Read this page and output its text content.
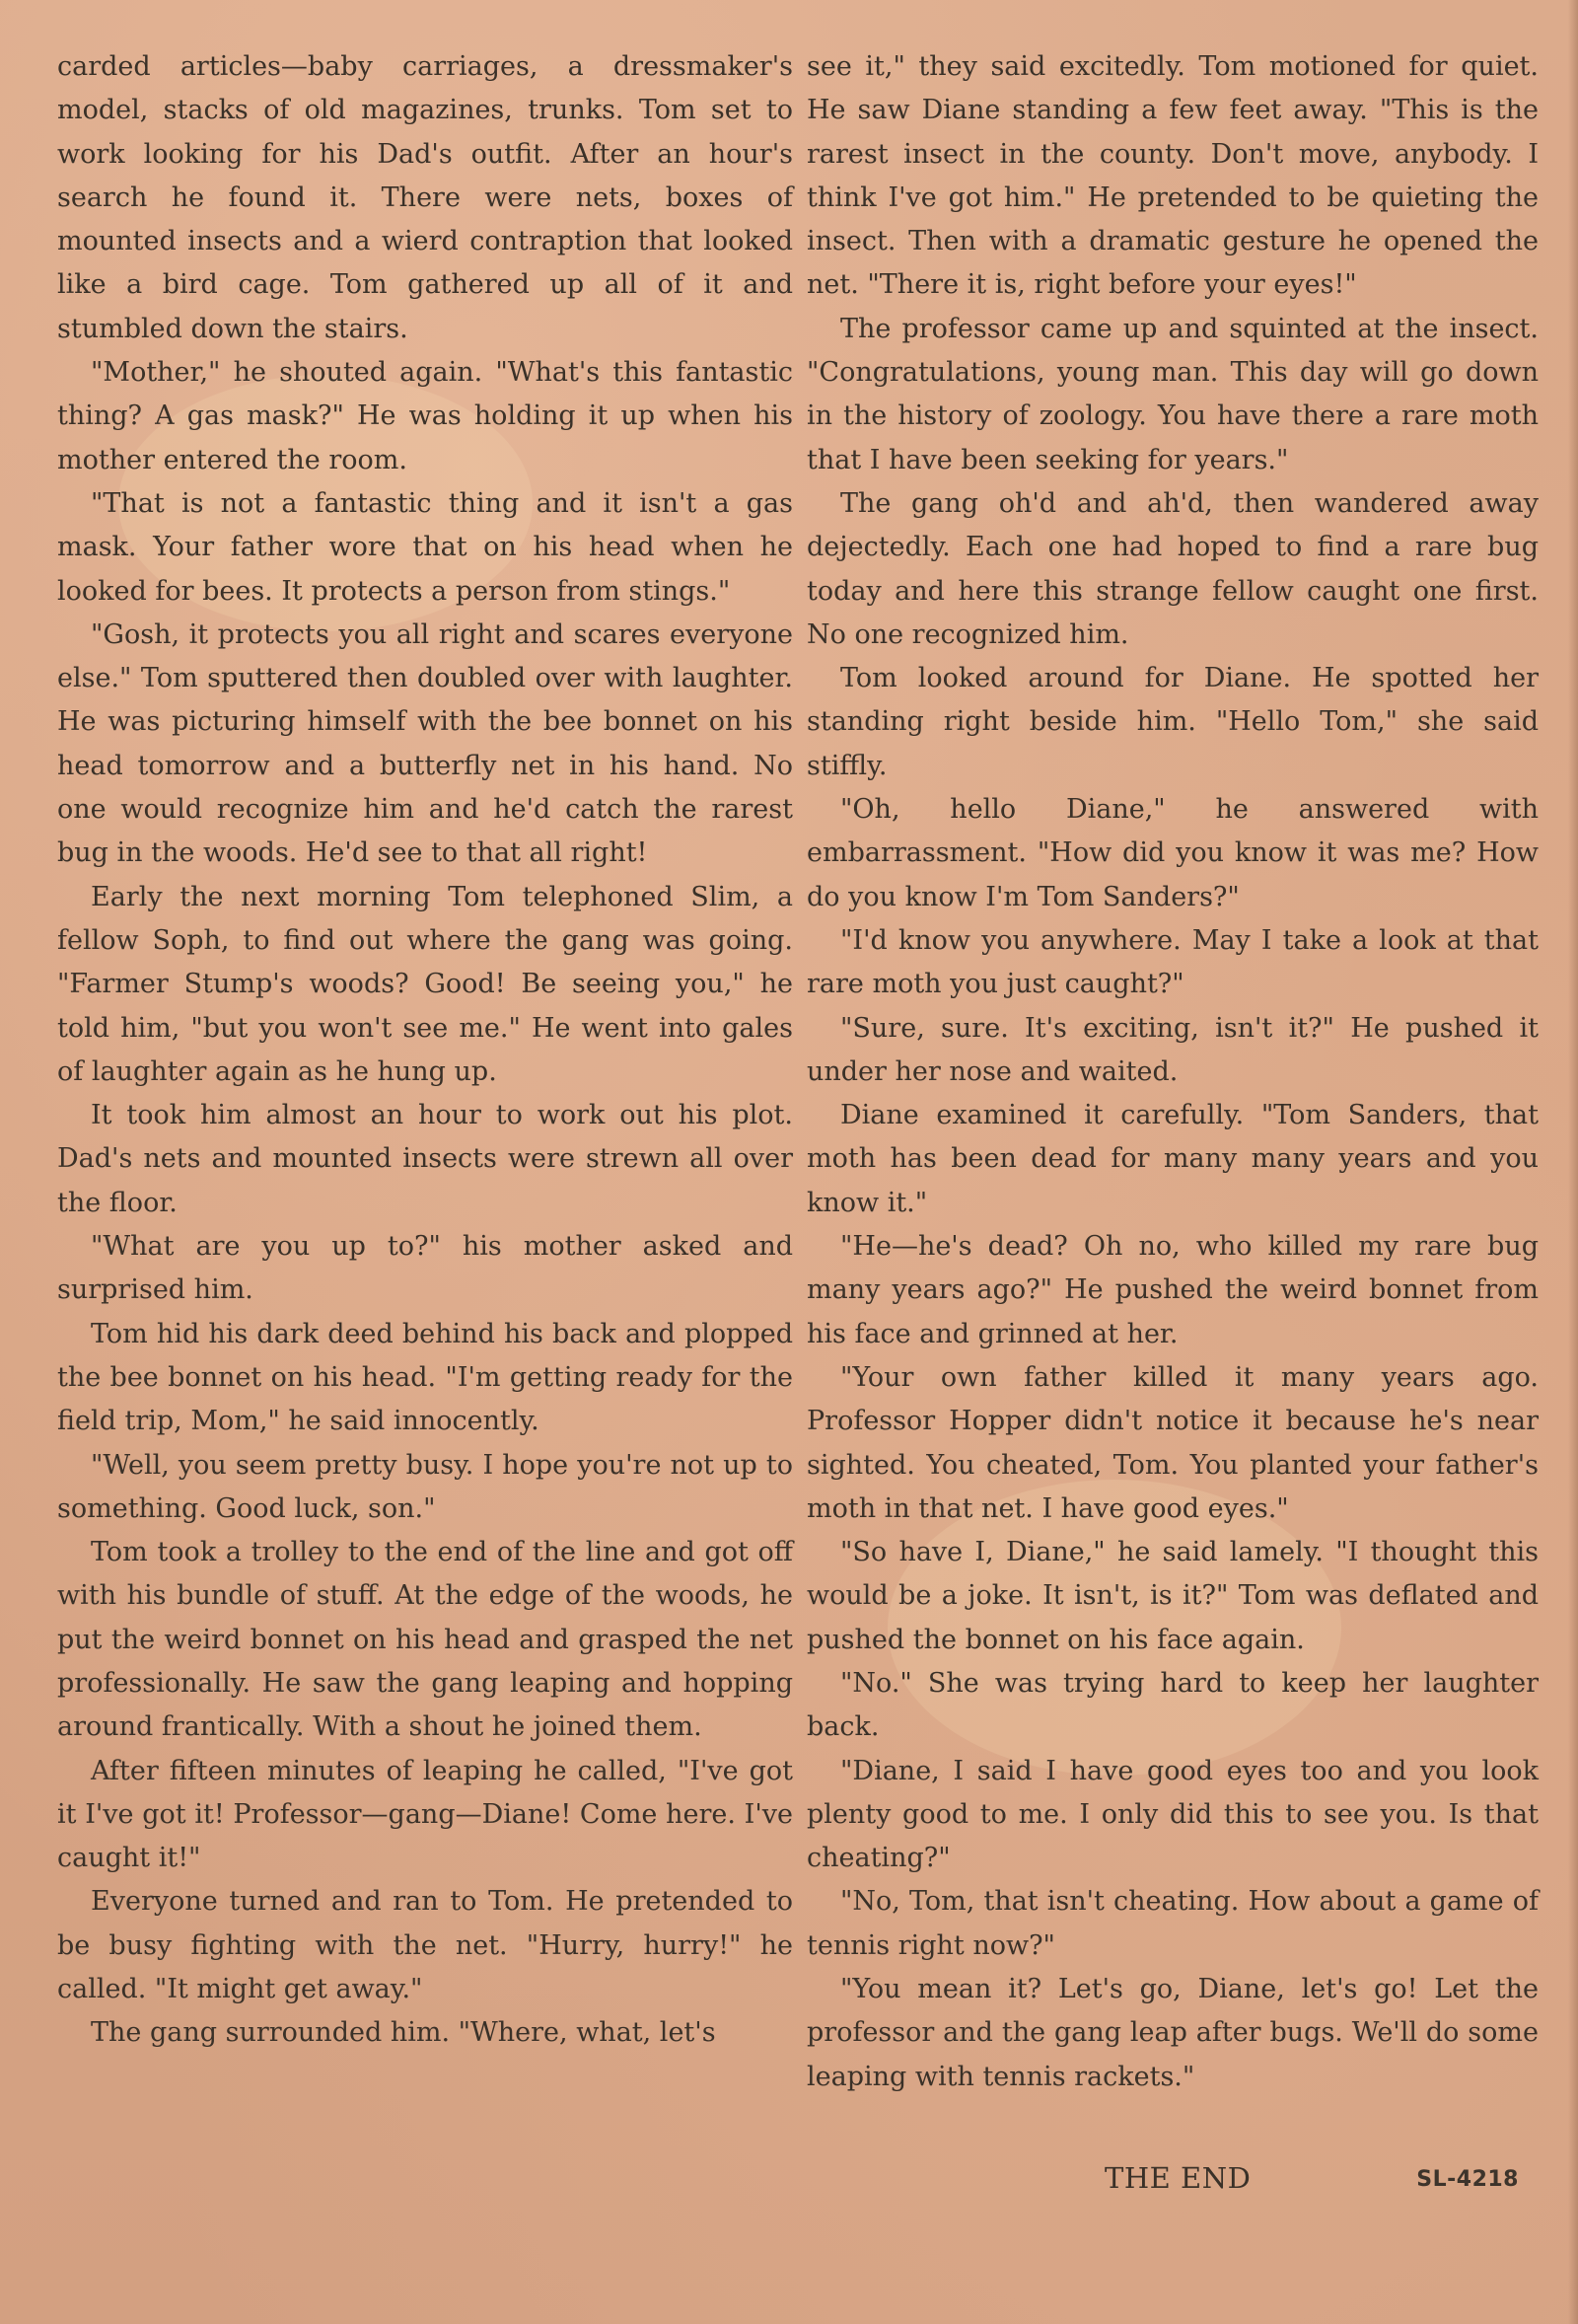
carded articles—baby carriages, a dressmaker's model, stacks of old magazines, trunks. Tom set to work looking for his Dad's outfit. After an hour's search he found it. There were nets, boxes of mounted insects and a wierd contraption that looked like a bird cage. Tom gathered up all of it and stumbled down the stairs.

"Mother," he shouted again. "What's this fantastic thing? A gas mask?" He was holding it up when his mother entered the room.

"That is not a fantastic thing and it isn't a gas mask. Your father wore that on his head when he looked for bees. It protects a person from stings."

"Gosh, it protects you all right and scares everyone else." Tom sputtered then doubled over with laughter. He was picturing himself with the bee bonnet on his head tomorrow and a butterfly net in his hand. No one would recognize him and he'd catch the rarest bug in the woods. He'd see to that all right!

Early the next morning Tom telephoned Slim, a fellow Soph, to find out where the gang was going. "Farmer Stump's woods? Good! Be seeing you," he told him, "but you won't see me." He went into gales of laughter again as he hung up.

It took him almost an hour to work out his plot. Dad's nets and mounted insects were strewn all over the floor.

"What are you up to?" his mother asked and surprised him.

Tom hid his dark deed behind his back and plopped the bee bonnet on his head. "I'm getting ready for the field trip, Mom," he said innocently.

"Well, you seem pretty busy. I hope you're not up to something. Good luck, son."

Tom took a trolley to the end of the line and got off with his bundle of stuff. At the edge of the woods, he put the weird bonnet on his head and grasped the net professionally. He saw the gang leaping and hopping around frantically. With a shout he joined them.

After fifteen minutes of leaping he called, "I've got it I've got it! Professor—gang—Diane! Come here. I've caught it!"

Everyone turned and ran to Tom. He pretended to be busy fighting with the net. "Hurry, hurry!" he called. "It might get away."

The gang surrounded him. "Where, what, let's

see it," they said excitedly. Tom motioned for quiet. He saw Diane standing a few feet away. "This is the rarest insect in the county. Don't move, anybody. I think I've got him." He pretended to be quieting the insect. Then with a dramatic gesture he opened the net. "There it is, right before your eyes!"

The professor came up and squinted at the insect. "Congratulations, young man. This day will go down in the history of zoology. You have there a rare moth that I have been seeking for years."

The gang oh'd and ah'd, then wandered away dejectedly. Each one had hoped to find a rare bug today and here this strange fellow caught one first. No one recognized him.

Tom looked around for Diane. He spotted her standing right beside him. "Hello Tom," she said stiffly.

"Oh, hello Diane," he answered with embarrassment. "How did you know it was me? How do you know I'm Tom Sanders?"

"I'd know you anywhere. May I take a look at that rare moth you just caught?"

"Sure, sure. It's exciting, isn't it?" He pushed it under her nose and waited.

Diane examined it carefully. "Tom Sanders, that moth has been dead for many many years and you know it."

"He—he's dead? Oh no, who killed my rare bug many years ago?" He pushed the weird bonnet from his face and grinned at her.

"Your own father killed it many years ago. Professor Hopper didn't notice it because he's near sighted. You cheated, Tom. You planted your father's moth in that net. I have good eyes."

"So have I, Diane," he said lamely. "I thought this would be a joke. It isn't, is it?" Tom was deflated and pushed the bonnet on his face again.

"No." She was trying hard to keep her laughter back.

"Diane, I said I have good eyes too and you look plenty good to me. I only did this to see you. Is that cheating?"

"No, Tom, that isn't cheating. How about a game of tennis right now?"

"You mean it? Let's go, Diane, let's go! Let the professor and the gang leap after bugs. We'll do some leaping with tennis rackets."

THE END	SL-4218
